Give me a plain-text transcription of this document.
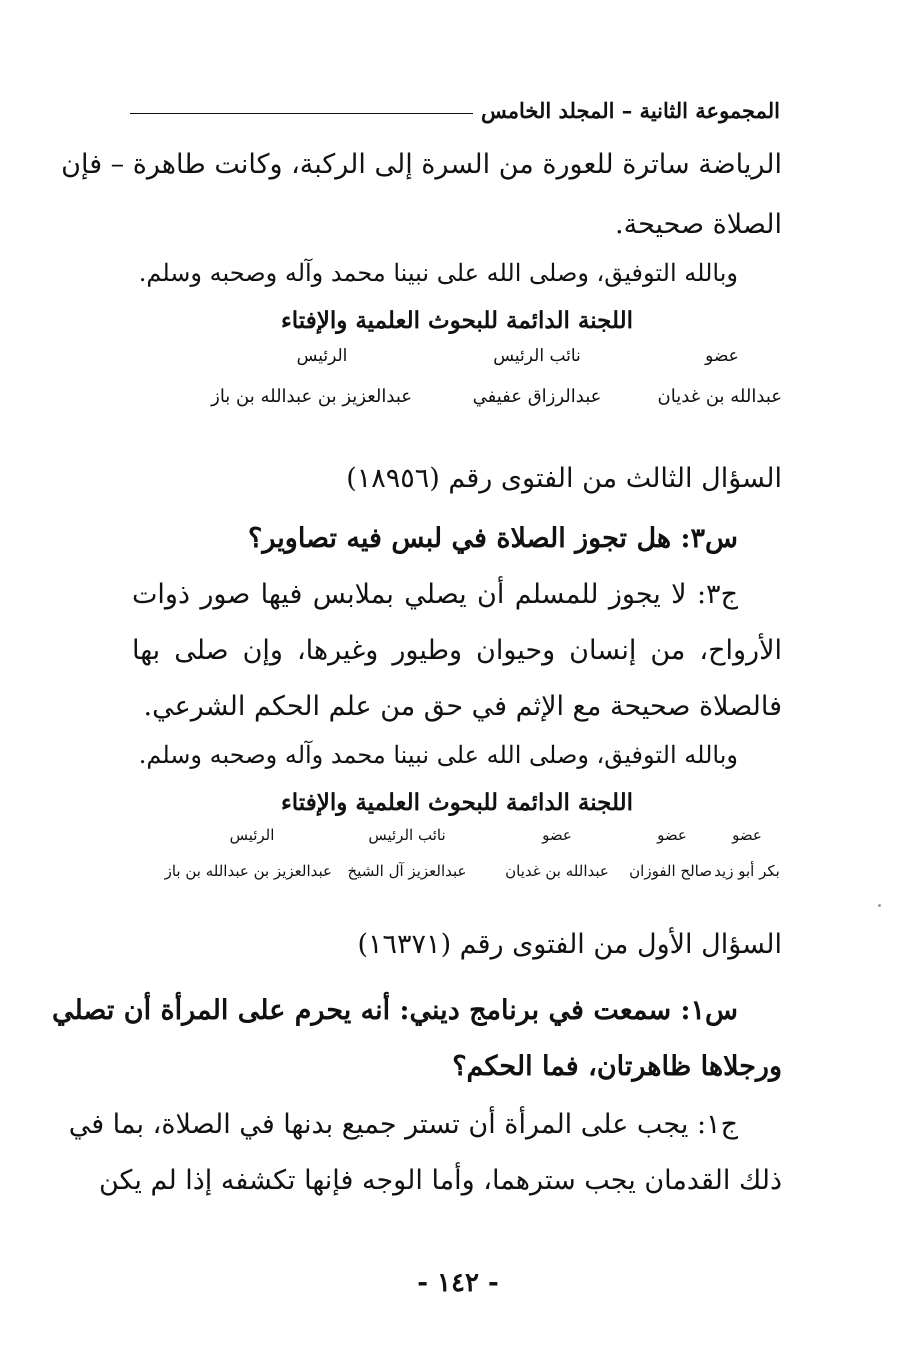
المجموعة الثانية – المجلد الخامس
الرياضة ساترة للعورة من السرة إلى الركبة، وكانت طاهرة – فإن
الصلاة صحيحة.
وبالله التوفيق، وصلى الله على نبينا محمد وآله وصحبه وسلم.
اللجنة الدائمة للبحوث العلمية والإفتاء
عضو
نائب الرئيس
الرئيس
عبدالله بن غديان
عبدالرزاق عفيفي
عبدالعزيز بن عبدالله بن باز
السؤال الثالث من الفتوى رقم (١٨٩٥٦)
س٣: هل تجوز الصلاة في لبس فيه تصاوير؟
ج٣: لا يجوز للمسلم أن يصلي بملابس فيها صور ذوات
الأرواح، من إنسان وحيوان وطيور وغيرها، وإن صلى بها
فالصلاة صحيحة مع الإثم في حق من علم الحكم الشرعي.
وبالله التوفيق، وصلى الله على نبينا محمد وآله وصحبه وسلم.
اللجنة الدائمة للبحوث العلمية والإفتاء
عضو
عضو
عضو
نائب الرئيس
الرئيس
بكر أبو زيد
صالح الفوزان
عبدالله بن غديان
عبدالعزيز آل الشيخ
عبدالعزيز بن عبدالله بن باز
السؤال الأول من الفتوى رقم (١٦٣٧١)
س١: سمعت في برنامج ديني: أنه يحرم على المرأة أن تصلي
ورجلاها ظاهرتان، فما الحكم؟
ج١: يجب على المرأة أن تستر جميع بدنها في الصلاة، بما في
ذلك القدمان يجب سترهما، وأما الوجه فإنها تكشفه إذا لم يكن
- ١٤٢ -
